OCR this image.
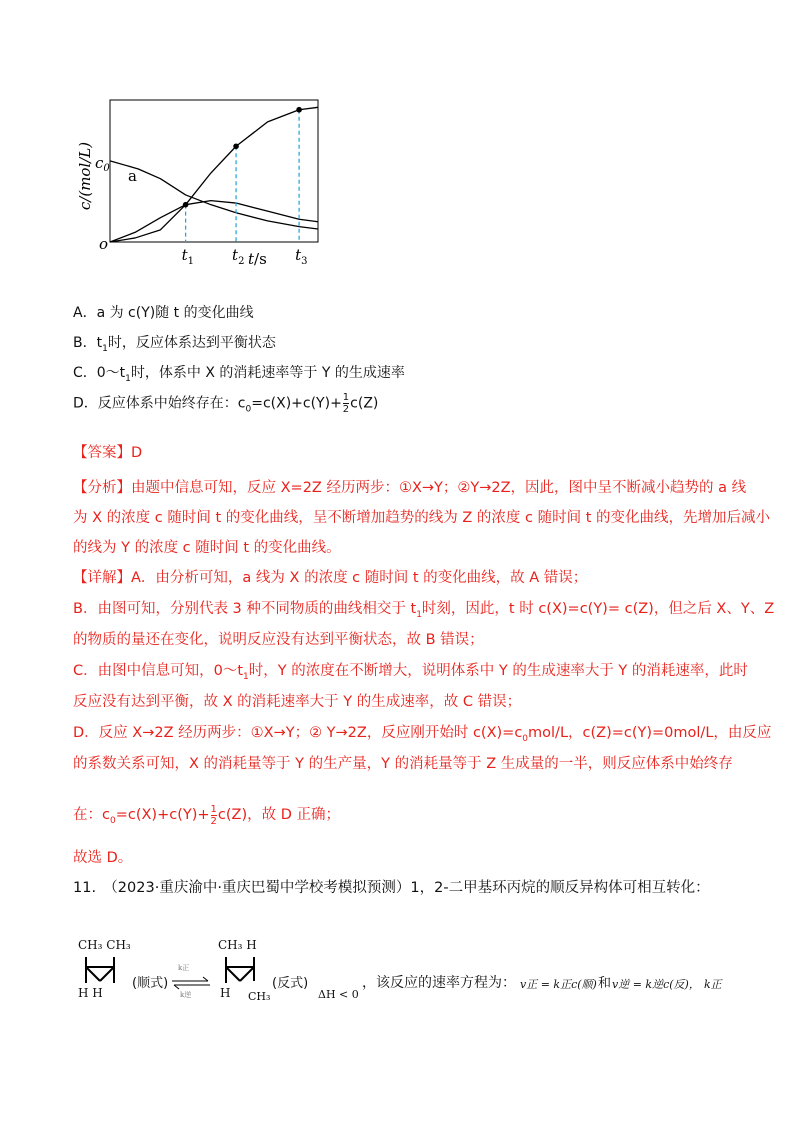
c/(mol/L)
o
$c_0$ a
t/s
$t_1$	$t_2$	$t_3$
A．a 为 c(Y)随 t 的变化曲线
B．$t_1$时，反应体系达到平衡状态
C．$0\sim t_1$时，体系中 X 的消耗速率等于 Y 的生成速率
D．反应体系中始终存在：$c_0=c(X)+c(Y)+ \frac{1}{2} c(Z)$
【答案】D
【分析】由题中信息可知，反应 X=2Z 经历两步：①X→Y；②Y→2Z，因此，图中呈不断减小趋势的 a 线
为 X 的浓度 c 随时间 t 的变化曲线，呈不断增加趋势的线为 Z 的浓度 c 随时间 t 的变化曲线，先增加后减小
的线为 Y 的浓度 c 随时间 t 的变化曲线。
【详解】A．由分析可知，a 线为 X 的浓度 c 随时间 t 的变化曲线，故 A 错误；
B．由图可知，分别代表 3 种不同物质的曲线相交于 $t_1$时刻，因此，t 时 c(X)=c(Y)= c(Z)，但之后 X、Y、Z
的物质的量还在变化，说明反应没有达到平衡状态，故 B 错误；
C．由图中信息可知，$0\sim t_1$时，Y 的浓度在不断增大，说明体系中 Y 的生成速率大于 Y 的消耗速率，此时
反应没有达到平衡，故 X 的消耗速率大于 Y 的生成速率，故 C 错误；
D．反应 X→2Z 经历两步：①X→Y；② Y→2Z，反应刚开始时 $c(X)=c_0mol/L$，c(Z)=c(Y)=0mol/L，由反应
的系数关系可知，X 的消耗量等于 Y 的生产量，Y 的消耗量等于 Z 生成量的一半，则反应体系中始终存
在：$c_0=c(X)+c(Y)+ \frac{1}{2} c(Z)$，故 D 正确；
故选 D。
11.　（2023·重庆渝中·重庆巴蜀中学校考模拟预测）1，2-二甲基环丙烷的顺反异构体可相互转化：
CH₃ CH₃
H H
(顺式) ⇌
k正
k逆
CH₃ H
H CH₃
(反式)
ΔH < 0
，该反应的速率方程为： v正 = k正c(顺) 和 v逆 = k逆c(反)， k正
